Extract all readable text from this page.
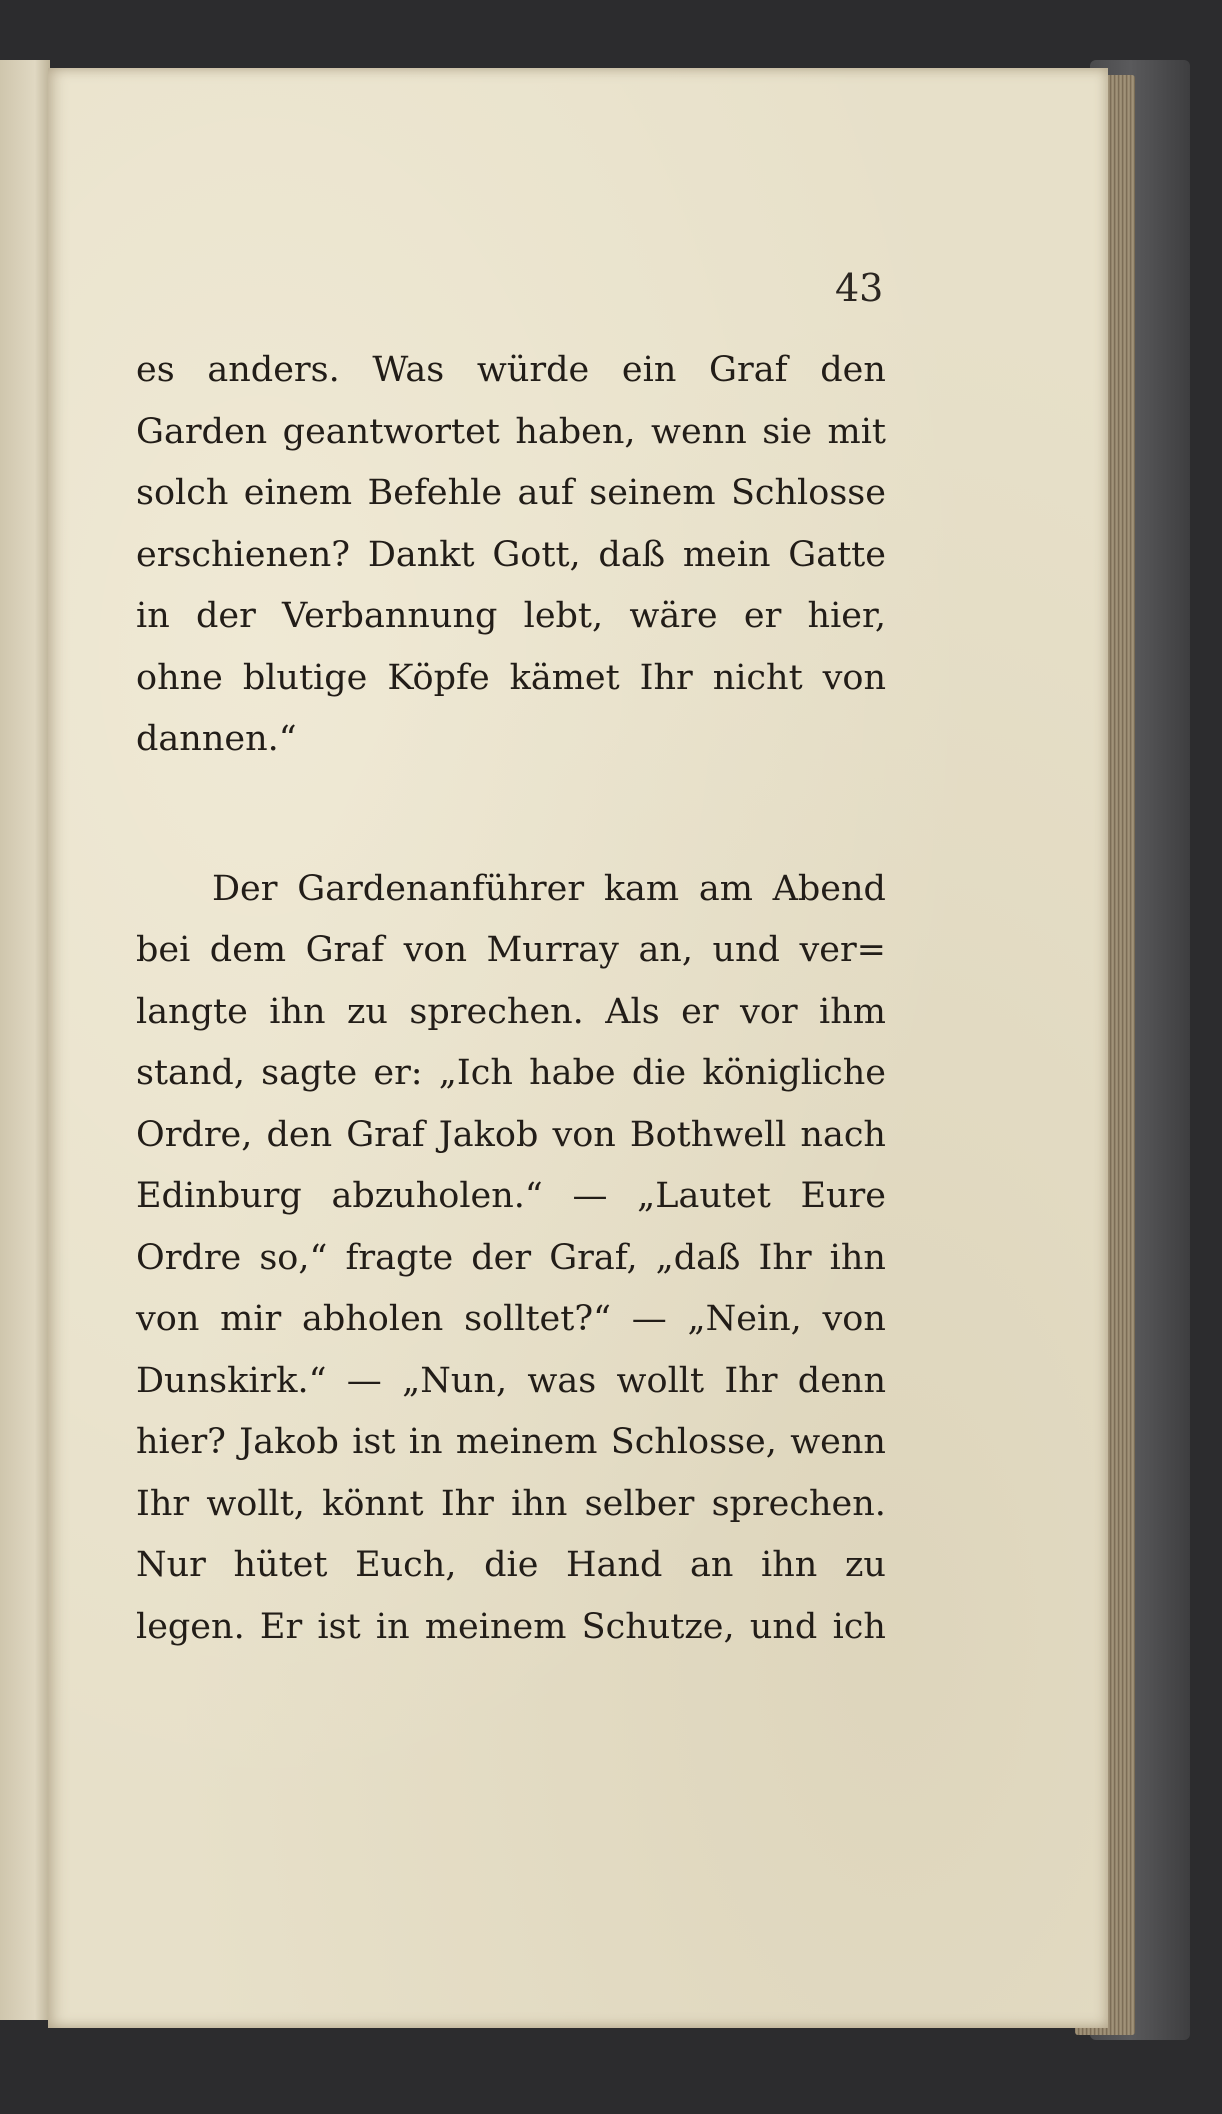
43
es anders. Was würde ein Graf den
Garden geantwortet haben, wenn sie mit
solch einem Befehle auf seinem Schlosse
erschienen? Dankt Gott, daß mein Gatte
in der Verbannung lebt, wäre er hier,
ohne blutige Köpfe kämet Ihr nicht von
dannen.“

Der Gardenanführer kam am Abend
bei dem Graf von Murray an, und ver=
langte ihn zu sprechen. Als er vor ihm
stand, sagte er: „Ich habe die königliche
Ordre, den Graf Jakob von Bothwell nach
Edinburg abzuholen.“ — „Lautet Eure
Ordre so,“ fragte der Graf, „daß Ihr ihn
von mir abholen solltet?“ — „Nein, von
Dunskirk.“ — „Nun, was wollt Ihr denn
hier? Jakob ist in meinem Schlosse, wenn
Ihr wollt, könnt Ihr ihn selber sprechen.
Nur hütet Euch, die Hand an ihn zu
legen. Er ist in meinem Schutze, und ich
